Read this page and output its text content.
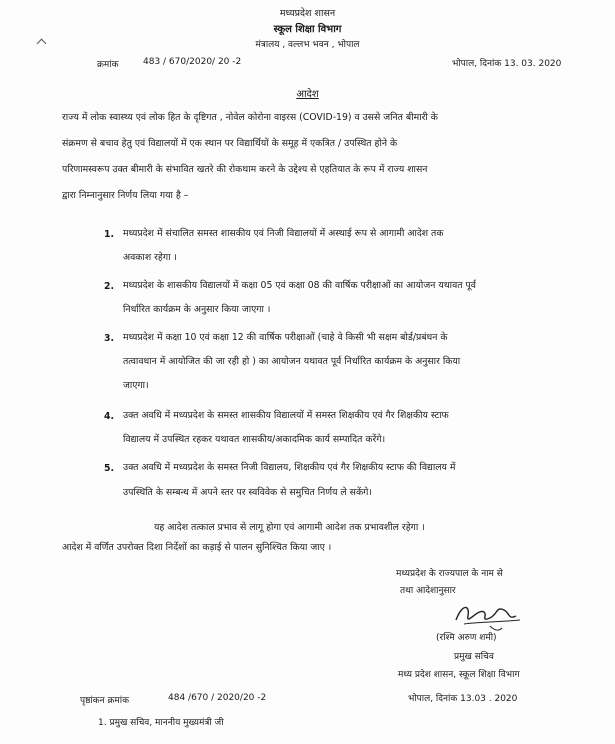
मध्यप्रदेश शासन
स्कूल शिक्षा विभाग
मंत्रालय , वल्लभ भवन , भोपाल
क्रमांक	483 / 670/2020/ 20 -2	भोपाल, दिनांक 13. 03. 2020
आदेश
राज्य में लोक स्वास्थ्य एवं लोक हित के दृष्टिगत , नोवेल कोरोना वाइरस (COVID-19) व उससे जनित बीमारी के
संक्रमण से बचाव हेतु एवं विद्यालयों में एक स्थान पर विद्यार्थियों के समूह में एकत्रित / उपस्थित होने के
परिणामस्वरूप उक्त बीमारी के संभावित खतरे की रोकथाम करने के उद्देश्य से एहतियात के रूप में राज्य शासन
द्वारा निम्नानुसार निर्णय लिया गया है –
1. मध्यप्रदेश में संचालित समस्त शासकीय एवं निजी विद्यालयों में अस्थाई रूप से आगामी आदेश तक
अवकाश रहेगा ।
2. मध्यप्रदेश के शासकीय विद्यालयों में कक्षा 05 एवं कक्षा 08 की वार्षिक परीक्षाओं का आयोजन यथावत पूर्व
निर्धारित कार्यक्रम के अनुसार किया जाएगा ।
3. मध्यप्रदेश में कक्षा 10 एवं कक्षा 12 की वार्षिक परीक्षाओं (चाहे वे किसी भी सक्षम बोर्ड/प्रबंधन के
तत्वावधान में आयोजित की जा रही हो ) का आयोजन यथावत पूर्व निर्धारित कार्यक्रम के अनुसार किया
जाएगा।
4. उक्त अवधि में मध्यप्रदेश के समस्त शासकीय विद्यालयों में समस्त शिक्षकीय एवं गैर शिक्षकीय स्टाफ
विद्यालय में उपस्थित रहकर यथावत शासकीय/अकादमिक कार्य सम्पादित करेंगे।
5. उक्त अवधि में मध्यप्रदेश के समस्त निजी विद्यालय, शिक्षकीय एवं गैर शिक्षकीय स्टाफ की विद्यालय में
उपस्थिति के सम्बन्ध में अपने स्तर पर स्वविवेक से समुचित निर्णय ले सकेंगे।
यह आदेश तत्काल प्रभाव से लागू होगा एवं आगामी आदेश तक प्रभावशील रहेगा ।
आदेश में वर्णित उपरोक्त दिशा निर्देशों का कड़ाई से पालन सुनिश्चित किया जाए ।
मध्यप्रदेश के राज्यपाल के नाम से
तथा आदेशानुसार
(रश्मि अरुण शमी)
प्रमुख सचिव
मध्य प्रदेश शासन, स्कूल शिक्षा विभाग
भोपाल, दिनांक 13.03 . 2020
पृष्ठांकन क्रमांक	484 /670 / 2020/20 -2
1. प्रमुख सचिव, माननीय मुख्यमंत्री जी
